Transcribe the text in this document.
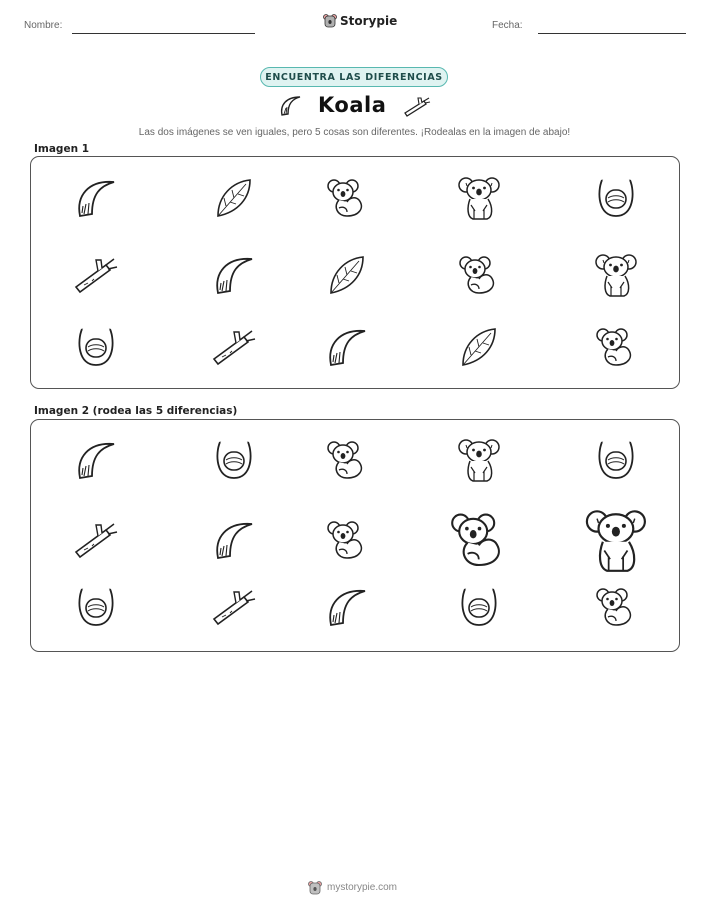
Nombre:	Storypie	Fecha:
ENCUENTRA LAS DIFERENCIAS
Koala
Las dos imágenes se ven iguales, pero 5 cosas son diferentes. ¡Rodealas en la imagen de abajo!
Imagen 1
Imagen 2 (rodea las 5 diferencias)
mystorypie.com
